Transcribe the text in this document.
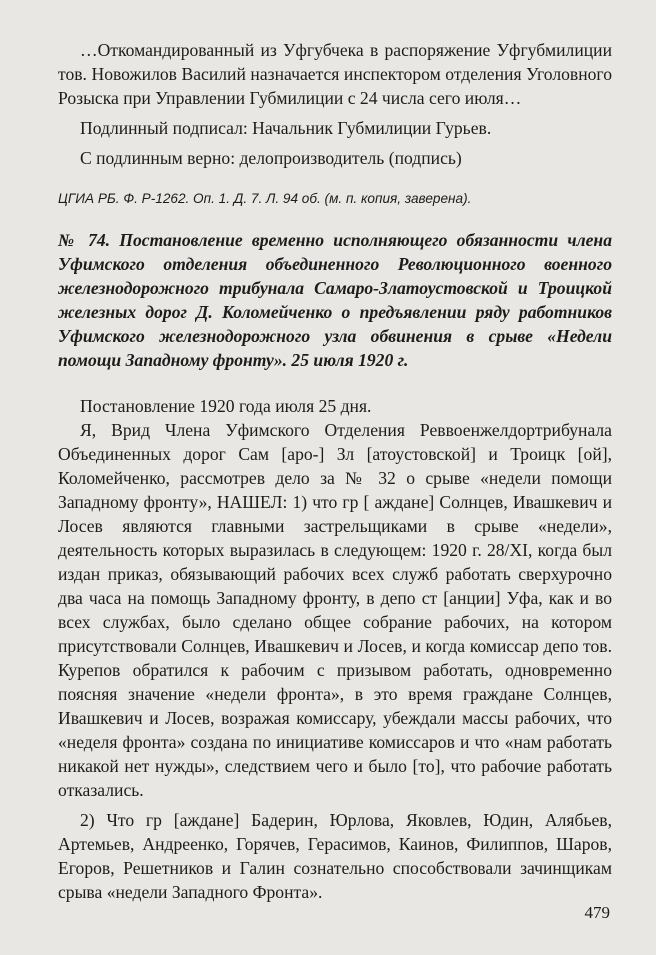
…Откомандированный из Уфгубчека в распоряжение Уфгубмилиции тов. Новожилов Василий назначается инспектором отделения Уголовного Розыска при Управлении Губмилиции с 24 числа сего июля…

Подлинный подписал: Начальник Губмилиции Гурьев.

С подлинным верно: делопроизводитель (подпись)

ЦГИА РБ. Ф. Р-1262. Оп. 1. Д. 7. Л. 94 об. (м. п. копия, заверена).

№ 74. Постановление временно исполняющего обязанности члена Уфимского отделения объединенного Революционного военного железнодорожного трибунала Самаро-Златоустовской и Троицкой железных дорог Д. Коломейченко о предъявлении ряду работников Уфимского железнодорожного узла обвинения в срыве «Недели помощи Западному фронту». 25 июля 1920 г.

Постановление 1920 года июля 25 дня.

Я, Врид Члена Уфимского Отделения Реввоенжелдортрибунала Объединенных дорог Сам [аро-] Зл [атоустовской] и Троицк [ой], Коломейченко, рассмотрев дело за № 32 о срыве «недели помощи Западному фронту», НАШЕЛ: 1) что гр [ аждане] Солнцев, Ивашкевич и Лосев являются главными застрельщиками в срыве «недели», деятельность которых выразилась в следующем: 1920 г. 28/XI, когда был издан приказ, обязывающий рабочих всех служб работать сверхурочно два часа на помощь Западному фронту, в депо ст [анции] Уфа, как и во всех службах, было сделано общее собрание рабочих, на котором присутствовали Солнцев, Ивашкевич и Лосев, и когда комиссар депо тов. Курепов обратился к рабочим с призывом работать, одновременно поясняя значение «недели фронта», в это время граждане Солнцев, Ивашкевич и Лосев, возражая комиссару, убеждали массы рабочих, что «неделя фронта» создана по инициативе комиссаров и что «нам работать никакой нет нужды», следствием чего и было [то], что рабочие работать отказались.

2) Что гр [аждане] Бадерин, Юрлова, Яковлев, Юдин, Алябьев, Артемьев, Андреенко, Горячев, Герасимов, Каинов, Филиппов, Шаров, Егоров, Решетников и Галин сознательно способствовали зачинщикам срыва «недели Западного Фронта».

479
